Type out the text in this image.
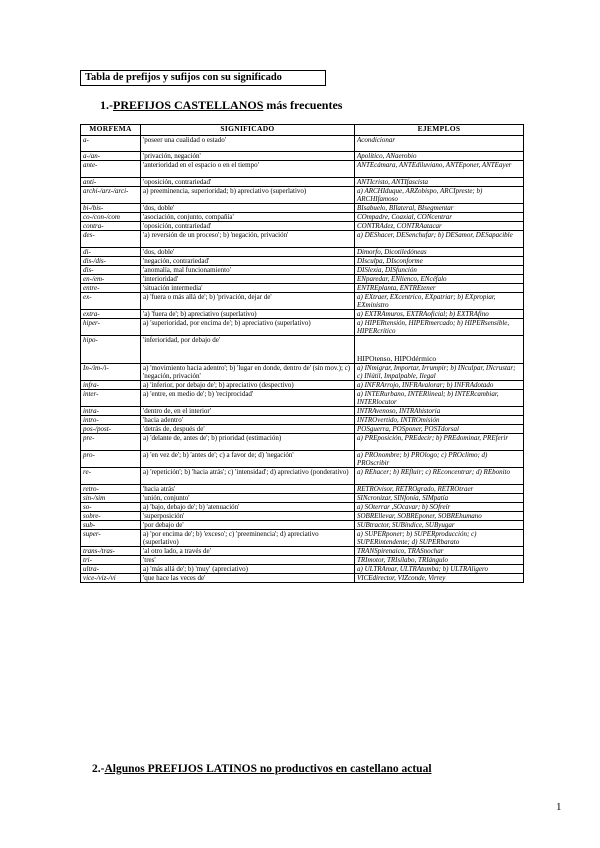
Tabla de prefijos y sufijos con su significado
1.-PREFIJOS CASTELLANOS más frecuentes
MORFEMA	SIGNIFICADO	EJEMPLOS
a-	'poseer una cualidad o estado'	Acondicionar
a-/an-	'privación, negación'	Apolítico, ANaerobio
ante-	'anterioridad en el espacio o en el tiempo'	ANTEcámara, ANTEdiluviano, ANTEponer, ANTEayer
anti-	'oposición, contrariedad'	ANTIcristo, ANTIfascista
archi-/arz-/arci-	a) preeminencia, superioridad; b) apreciativo (superlativo)	a) ARCHIduque, ARZobispo, ARCIpreste; b) ARCHIfamoso
bi-/bis-	'dos, doble'	BIsabuelo, BIlateral, BIsegmentar
co-/con-/com	'asociación, conjunto, compañía'	COmpadre, Coaxial, CONcentrar
contra-	'oposición, contrariedad'	CONTRAdez, CONTRAatacar
des-	'a) reversión de un proceso'; b) 'negación, privación'	a) DEShacer, DESenchufar; b) DESamor, DESapacible
di-	'dos, doble'	Dimorfo, Dicotiledóneas
dis-/dis-	'negación, contrariedad'	DIsculpa, DIsconforme
dis-	'anomalía, mal funcionamiento'	DISlexia, DISfunción
en-/em-	'interioridad'	ENparedar, ENlienco, ENcéfalo
entre-	'situación intermedia'	ENTREplanta, ENTREtener
ex-	a) 'fuera o más allá de'; b) 'privación, dejar de'	a) EXtraer, EXcentrico, EXpatriar; b) EXpropiar, EXministro
extra-	'a) 'fuera de'; b) apreciativo (superlativo)	a) EXTRAmuros, EXTRAoficial; b) EXTRAfino
hiper-	a) 'superioridad, por encima de'; b) apreciativo (superlativo)	a) HIPERtensión, HIPERmercado; b) HIPERsensible, HIPERcrítico
hipo-	'inferioridad, por debajo de'	HIPOtenso, HIPOdérmico
In-/im-/i-	a) 'movimiento hacia adentro'; b) 'lugar en donde, dentro de' (sin mov.); c) 'negación, privación'	a) INmigrar, Importar, Irrumpir; b) INculpar, INcrustar; c) INútil, Impalpable, Ilegal
infra-	a) 'inferior, por debajo de'; b) apreciativo (despectivo)	a) INFRArrojo, INFRAvalorar; b) INFRAdotado
inter-	a) 'entre, en medio de'; b) 'reciprocidad'	a) INTERurbano, INTERlineal; b) INTERcambiar, INTERlocutor
intra-	'dentro de, en el interior'	INTRAvenoso, INTRAhistoria
intro-	'hacia adentro'	INTROvertido, INTROmisión
pos-/post-	'detrás de, después de'	POSguerra, POSponer, POSTdorsal
pre-	a) 'delante de, antes de'; b) prioridad (estimación)	a) PREposición, PREdecir; b) PREdominar, PREferir
pro-	a) 'en vez de'; b) 'antes de'; c) a favor de; d) 'negación'	a) PROnombre; b) PROlogo; c) PROclimo; d) PROscribir
re-	a) 'repetición'; b) 'hacia atrás'; c) 'intensidad'; d) apreciativo (ponderativo)	a) REhacer; b) REfluir; c) REconcentrar; d) REbonito
retro-	'hacia atrás'	RETROvisor, RETROgrado, RETROtraer
sin-/sim	'unión, conjunto'	SINcronizar, SINfonía, SIMpatía
so-	a) 'bajo, debajo de'; b) 'atenuación'	a) SOterrar ,SOcavar; b) SOfreír
sobre-	'superposición'	SOBREllevar, SOBREponer, SOBREhumano
sub-	'por debajo de'	SUBtractor, SUBíndice, SUByugar
super-	a) 'por encima de'; b) 'exceso'; c) 'preeminencia'; d) apreciativo (superlativo)	a) SUPERponer; b) SUPERproducción; c) SUPERintendente; d) SUPERbarato
trans-/tras-	'al otro lado, a través de'	TRANSpirenaico, TRASnochar
tri-	'tres'	TRImotor, TRIsílabo, TRIángulo
ultra-	a) 'más allá de'; b) 'muy' (apreciativo)	a) ULTRAmar, ULTRAtumba; b) ULTRAligero
vice-/viz-/vi	'que hace las veces de'	VICEdirector, VIZconde, Virrey
2.-Algunos PREFIJOS LATINOS no productivos en castellano actual
1
